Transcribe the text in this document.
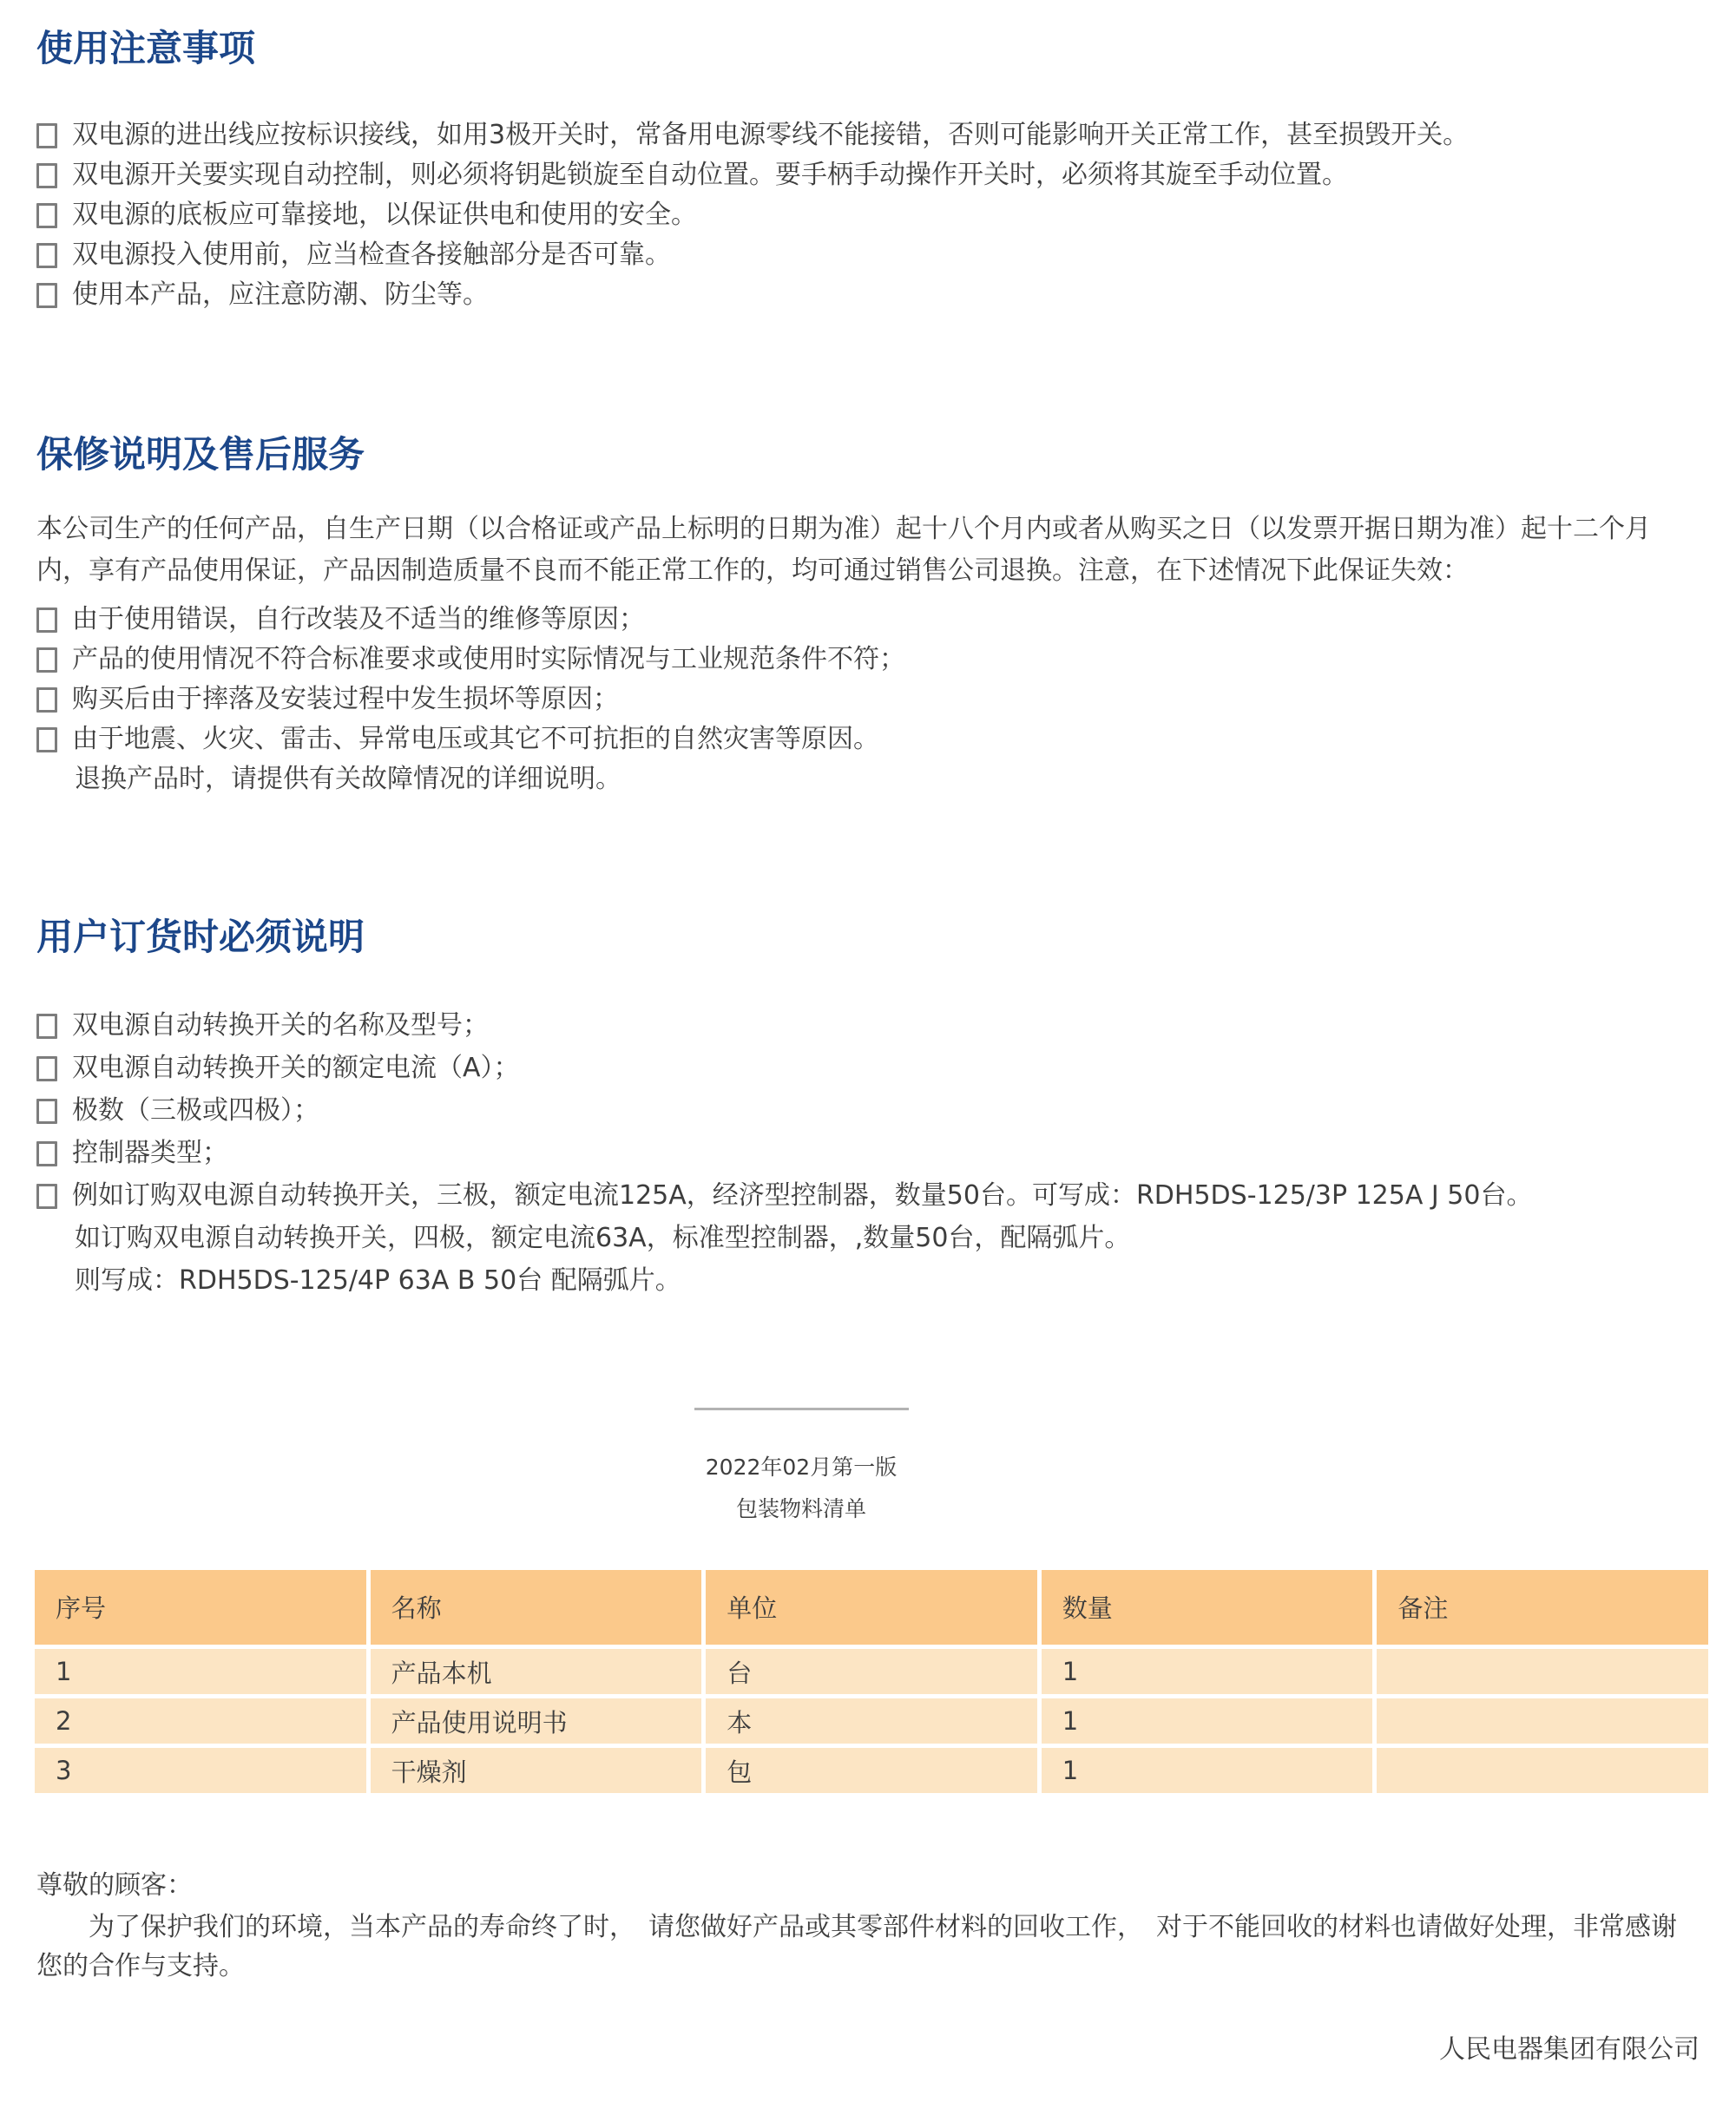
使用注意事项
双电源的进出线应按标识接线，如用3极开关时，常备用电源零线不能接错，否则可能影响开关正常工作，甚至损毁开关。
双电源开关要实现自动控制，则必须将钥匙锁旋至自动位置。要手柄手动操作开关时，必须将其旋至手动位置。
双电源的底板应可靠接地，以保证供电和使用的安全。
双电源投入使用前，应当检查各接触部分是否可靠。
使用本产品，应注意防潮、防尘等。
保修说明及售后服务

本公司生产的任何产品，自生产日期（以合格证或产品上标明的日期为准）起十八个月内或者从购买之日（以发票开据日期为准）起十二个月内，享有产品使用保证，产品因制造质量不良而不能正常工作的，均可通过销售公司退换。注意，在下述情况下此保证失效：

由于使用错误，自行改装及不适当的维修等原因；
产品的使用情况不符合标准要求或使用时实际情况与工业规范条件不符；
购买后由于摔落及安装过程中发生损坏等原因；
由于地震、火灾、雷击、异常电压或其它不可抗拒的自然灾害等原因。
退换产品时，请提供有关故障情况的详细说明。
用户订货时必须说明
双电源自动转换开关的名称及型号；
双电源自动转换开关的额定电流（A）；
极数（三极或四极）；
控制器类型；
例如订购双电源自动转换开关，三极，额定电流125A，经济型控制器，数量50台。可写成：RDH5DS-125/3P 125A J 50台。
如订购双电源自动转换开关，四极，额定电流63A，标准型控制器，,数量50台，配隔弧片。
则写成：RDH5DS-125/4P 63A B 50台 配隔弧片。
2022年02月第一版
包装物料清单
序号	名称	单位	数量	备注
1	产品本机	台	1
2	产品使用说明书	本	1
3	干燥剂	包	1
尊敬的顾客：

为了保护我们的环境，当本产品的寿命终了时，　请您做好产品或其零部件材料的回收工作，　对于不能回收的材料也请做好处理，非常感谢您的合作与支持。

人民电器集团有限公司
